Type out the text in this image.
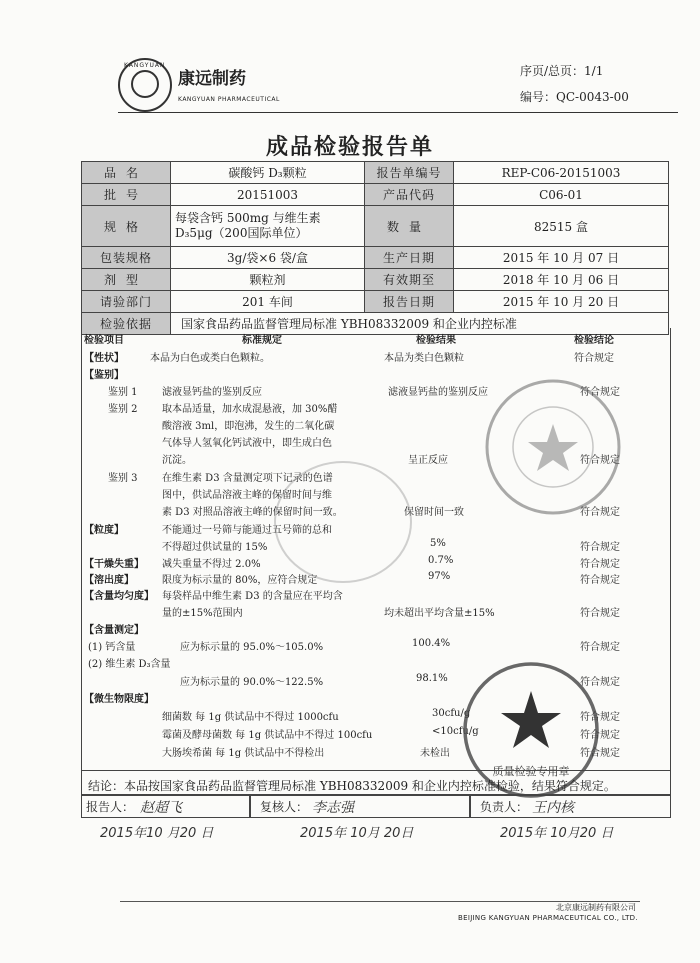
KANGYUAN
康远制药
KANGYUAN PHARMACEUTICAL
序页/总页：1/1
编号：QC-0043-00
成品检验报告单
品名	碳酸钙 D₃颗粒	报告单编号	REP-C06-20151003
批号	20151003	产品代码	C06-01
规格	每袋含钙 500mg 与维生素 D₃5μg（200国际单位）	数量	82515 盒
包装规格	3g/袋×6 袋/盒	生产日期	2015 年 10 月 07 日
剂型	颗粒剂	有效期至	2018 年 10 月 06 日
请验部门	201 车间	报告日期	2015 年 10 月 20 日
检验依据	国家食品药品监督管理局标准 YBH08332009 和企业内控标准		
检验项目	标准规定	检验结果	检验结论
【性状】	本品为白色或类白色颗粒。	本品为类白色颗粒	符合规定
【鉴别】
鉴别 1 滤液显钙盐的鉴别反应	滤液显钙盐的鉴别反应	符合规定
鉴别 2 取本品适量，加水成混悬液，加 30%醋
酸溶液 3ml，即泡沸，发生的二氧化碳
气体导人氢氧化钙试液中，即生成白色
沉淀。	呈正反应	符合规定
鉴别 3 在维生素 D3 含量测定项下记录的色谱
图中，供试品溶液主峰的保留时间与维
素 D3 对照品溶液主峰的保留时间一致。	保留时间一致	符合规定
【粒度】	不能通过一号筛与能通过五号筛的总和
不得超过供试量的 15%	5%	符合规定
【干燥失重】 减失重量不得过 2.0%	0.7%	符合规定
【溶出度】	限度为标示量的 80%，应符合规定	97%	符合规定
【含量均匀度】 每袋样品中维生素 D3 的含量应在平均含
量的±15%范围内	均未超出平均含量±15%	符合规定
【含量测定】
(1) 钙含量	应为标示量的 95.0%～105.0%	100.4%	符合规定
(2) 维生素 D₃含量
应为标示量的 90.0%～122.5%	98.1%	符合规定
【微生物限度】
细菌数 每 1g 供试品中不得过 1000cfu	30cfu/g	符合规定
霉菌及酵母菌数 每 1g 供试品中不得过 100cfu	<10cfu/g	符合规定
大肠埃希菌 每 1g 供试品中不得检出	未检出	符合规定
质量检验专用章
结论：本品按国家食品药品监督管理局标准 YBH08332009 和企业内控标准检验，结果符合规定。
报告人： 赵超飞	复核人： 李志强	负责人： 王内核
2015年10 月20 日	2015年 10月 20日	2015年 10月20 日
北京康远制药有限公司
BEIJING KANGYUAN PHARMACEUTICAL CO., LTD.
